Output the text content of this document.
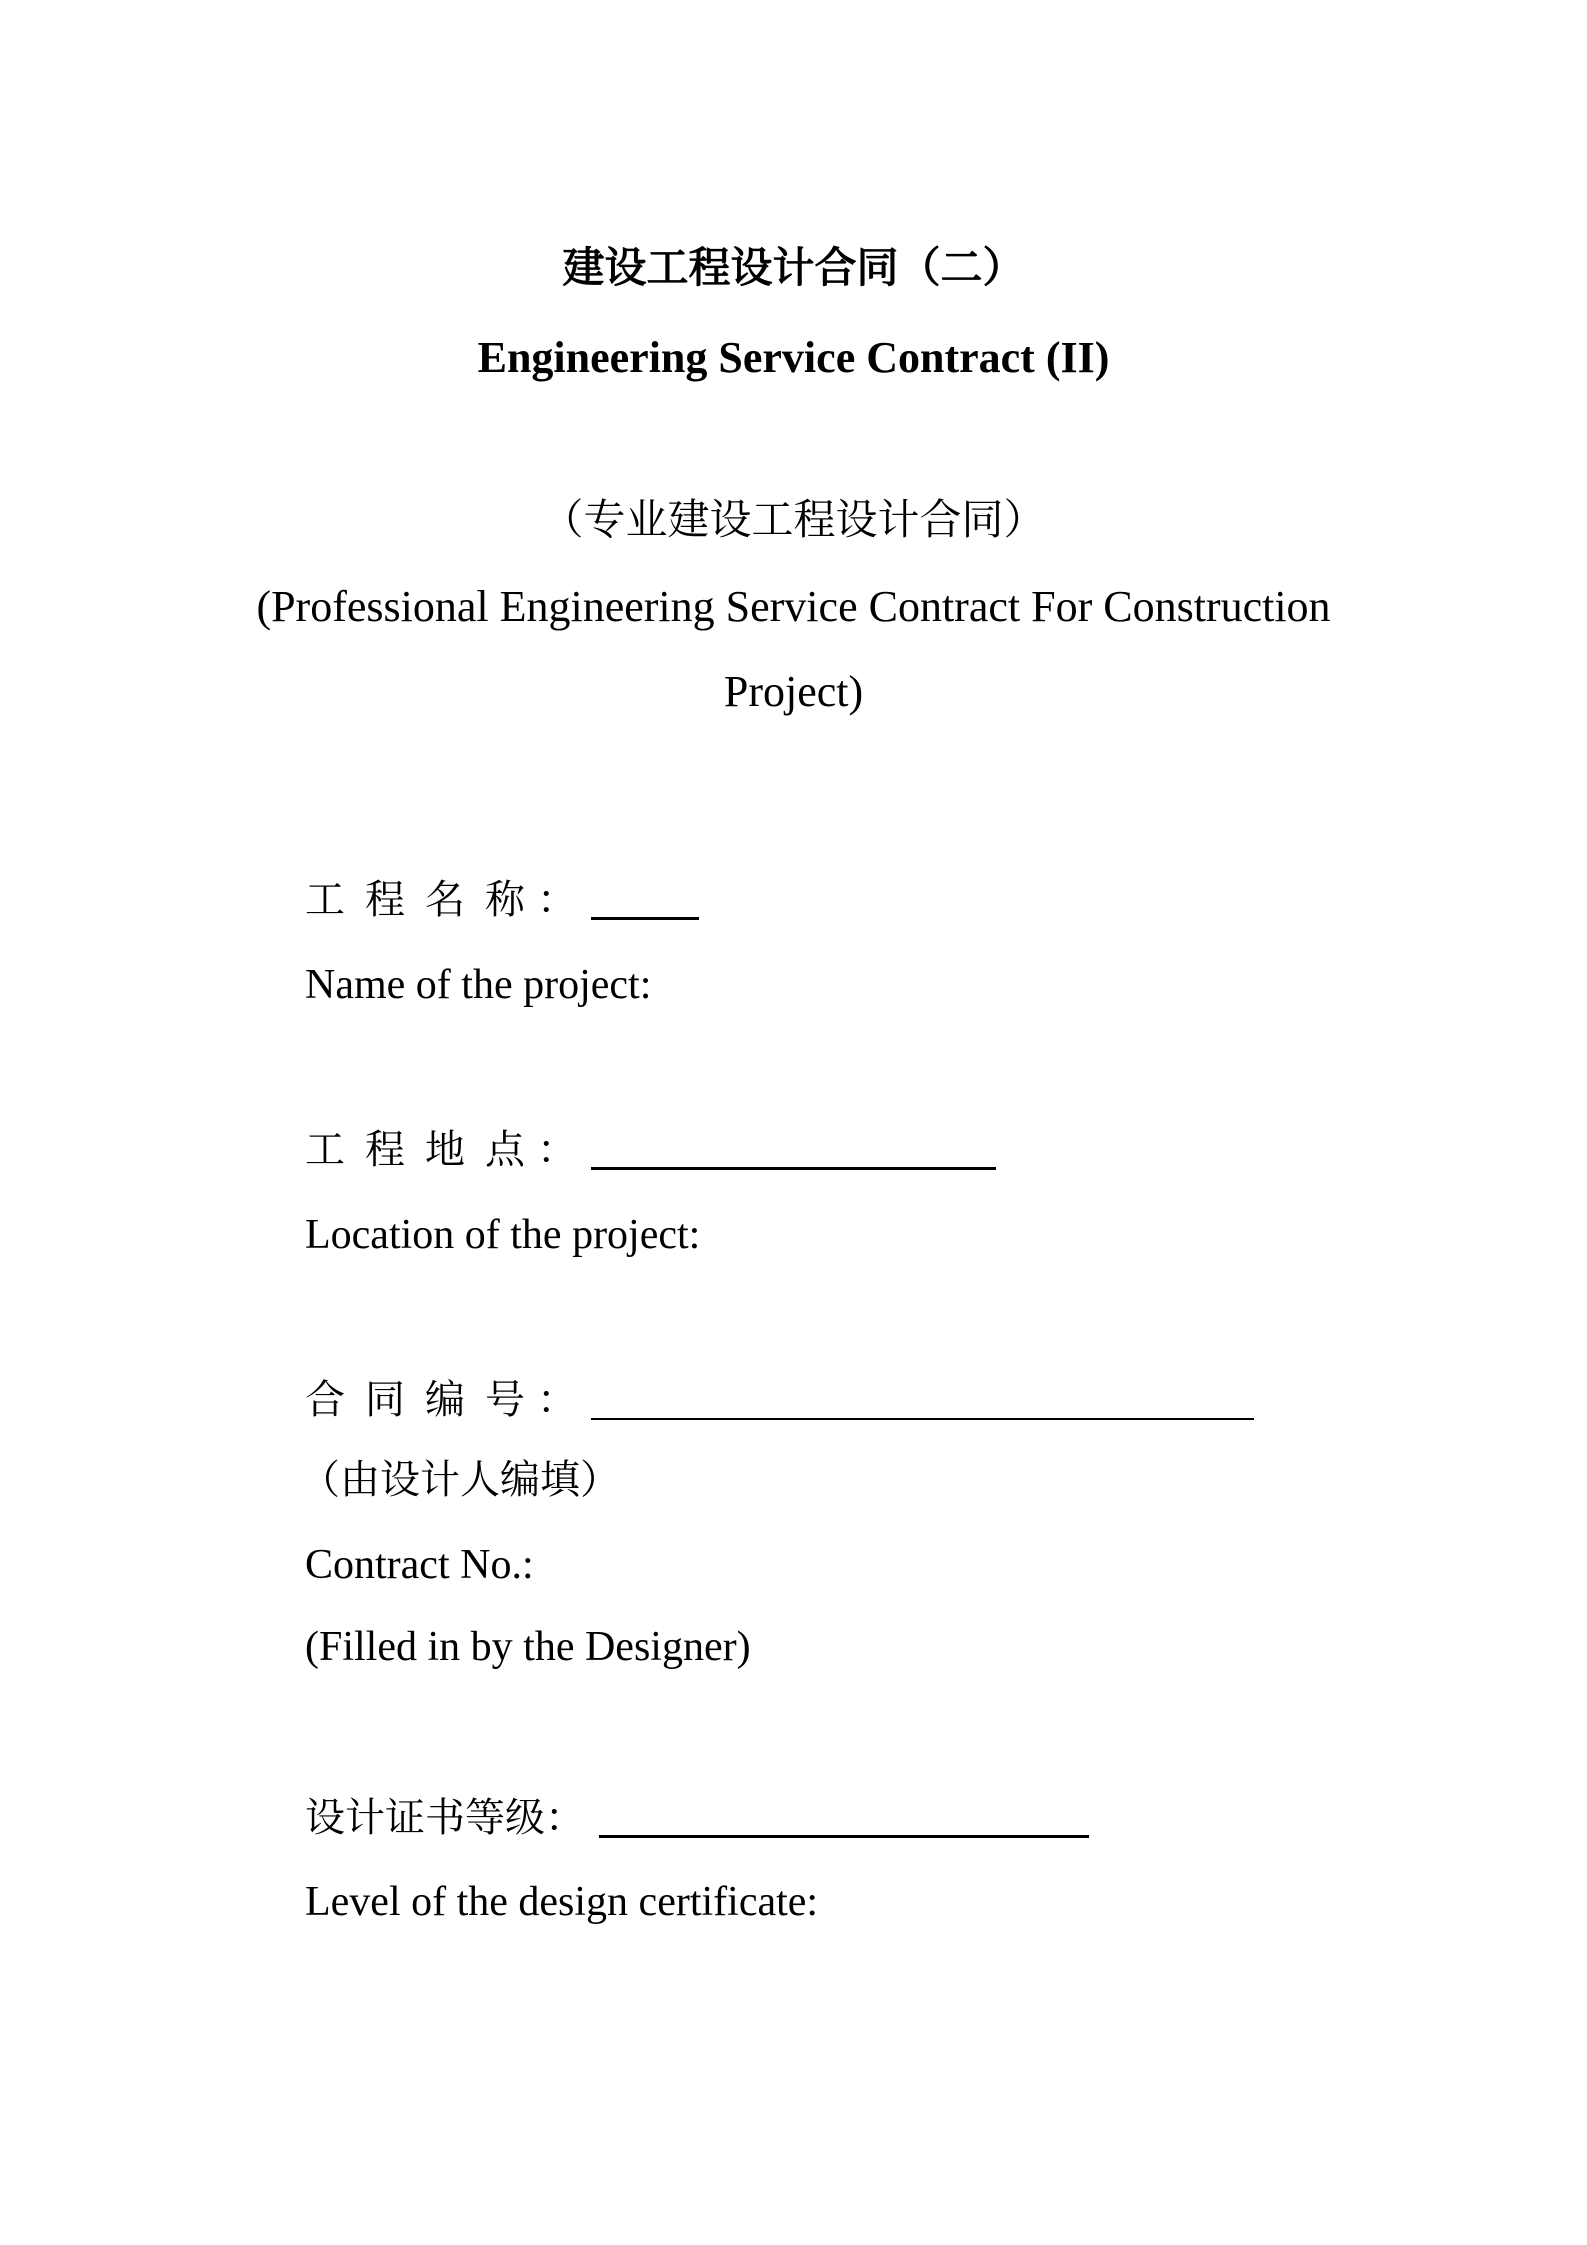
建设工程设计合同（二）
Engineering Service Contract (II)
（专业建设工程设计合同）
(Professional Engineering Service Contract For Construction
Project)
工程名称
：
Name of the project:
工程地点
：
Location of the project:
合同编号
：
（由设计人编填）
Contract No.:
(Filled in by the Designer)
设计证书等级 ：
Level of the design certificate:
